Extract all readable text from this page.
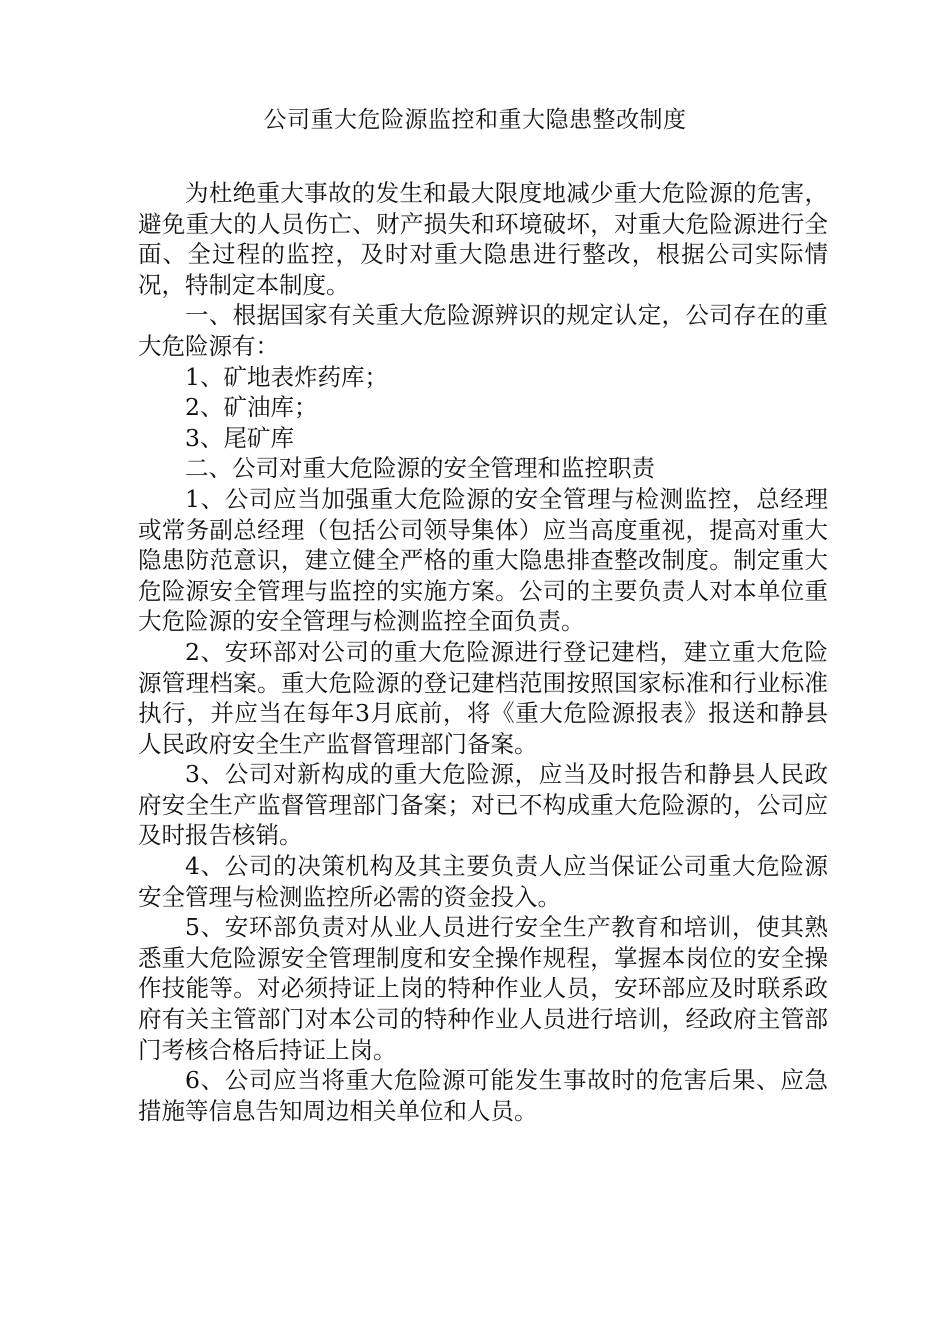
公司重大危险源监控和重大隐患整改制度

为杜绝重大事故的发生和最大限度地减少重大危险源的危害，避免重大的人员伤亡、财产损失和环境破坏，对重大危险源进行全面、全过程的监控，及时对重大隐患进行整改，根据公司实际情况，特制定本制度。

一、根据国家有关重大危险源辨识的规定认定，公司存在的重大危险源有：

1、矿地表炸药库；

2、矿油库；

3、尾矿库

二、公司对重大危险源的安全管理和监控职责

1、公司应当加强重大危险源的安全管理与检测监控，总经理或常务副总经理（包括公司领导集体）应当高度重视，提高对重大隐患防范意识，建立健全严格的重大隐患排查整改制度。制定重大危险源安全管理与监控的实施方案。公司的主要负责人对本单位重大危险源的安全管理与检测监控全面负责。

2、安环部对公司的重大危险源进行登记建档，建立重大危险源管理档案。重大危险源的登记建档范围按照国家标准和行业标准执行，并应当在每年3月底前，将《重大危险源报表》报送和静县人民政府安全生产监督管理部门备案。

3、公司对新构成的重大危险源，应当及时报告和静县人民政府安全生产监督管理部门备案；对已不构成重大危险源的，公司应及时报告核销。

4、公司的决策机构及其主要负责人应当保证公司重大危险源安全管理与检测监控所必需的资金投入。

5、安环部负责对从业人员进行安全生产教育和培训，使其熟悉重大危险源安全管理制度和安全操作规程，掌握本岗位的安全操作技能等。对必须持证上岗的特种作业人员，安环部应及时联系政府有关主管部门对本公司的特种作业人员进行培训，经政府主管部门考核合格后持证上岗。

6、公司应当将重大危险源可能发生事故时的危害后果、应急措施等信息告知周边相关单位和人员。
